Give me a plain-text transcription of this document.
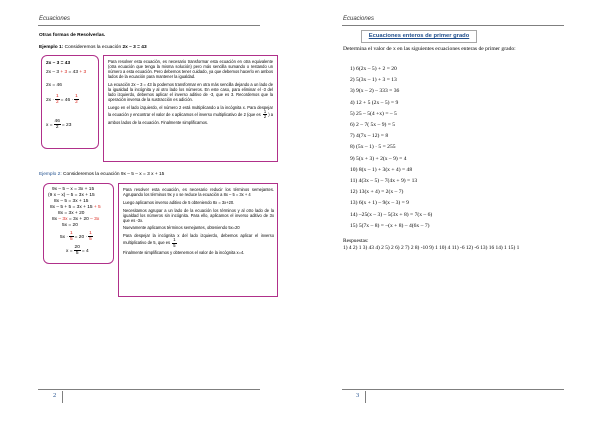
Ecuaciones
Otras formas de Resolverlas.
Ejemplo 1: Consideremos la ecuación 2x – 3 = 43
2x – 3 = 43
2x – 3 + 3 = 43 + 3
2x = 46
$2x \cdot \frac{1}{2} = 46 \cdot \frac{1}{2}$
$x = \frac{46}{2} = 23$

Para resolver esta ecuación, es necesario transformar esta ecuación en otra equivalente (otra ecuación que tenga la misma solución) pero más sencilla sumando o restando un número a esta ecuación. Pero debemos tener cuidado, ya que debemos hacerlo en ambos lados de la ecuación para mantener la igualdad.

La ecuación 2x – 3 = 43 la podemos transformar en otra más sencilla dejando a un lado de la igualdad la incógnita y al otro lado los números. En este caso, para eliminar el -3 del lado izquierdo, debemos aplicar el inverso aditivo de -3, que es 3. Recordemos que la operación inversa de la sustracción es adición.

Luego en el lado izquierdo, el número 2 está multiplicando a la incógnita x. Para despejar la ecuación y encontrar el valor de x aplicamos el inverso multiplicativo de 2 (que es $\frac{1}{2}$ ) a ambos lados de la ecuación. Finalmente simplificamos.

Ejemplo 2: Consideremos la ecuación 9x – 5 – x = 3 x + 15
9x – 5 – x = 3x + 15
(9 x – x) – 5 = 3x + 15
8x – 5 = 3x + 15
8x – 5 + 5 = 3x + 15 + 5
8x = 3x + 20
8x – 3x = 3x + 20 – 3x
5x = 20
$5x \cdot \frac{1}{5} = 20 \cdot \frac{1}{5}$
$x = \frac{20}{5} = 4$

Para resolver esta ecuación, es necesario reducir los términos semejantes. Agrupando los términos 9x y x se reduce la ecuación a 8x – 5 = 3x + 4

Luego aplicamos inverso aditivo de 5 obteniendo 8x = 3x+20.

Necesitamos agrupar a un lado de la ecuación los términos y al otro lado de la igualdad los números sin incógnita. Para ello, aplicamos el inverso aditivo de 3x que es -3x.

Nuevamente aplicamos términos semejantes, obteniendo 5x=20

Para despejar la incógnita x del lado izquierdo, debemos aplicar el inverso multiplicativo de 5, que es $\frac{1}{5}$

Finalmente simplificamos y obtenemos el valor de la incógnita x=4.

2
Ecuaciones
3
Ecuaciones enteros de primer grado
Determina el valor de x en las siguientes ecuaciones enteras de primer grado:
1) 6(2x – 5) + 2 = 20
2) 5(3x – 1) + 3 = 13
3) 9(x – 2) – 333 = 36
4) 12 + 5 (2x – 5) = 9
5) 25 – 5(4 +x) = – 5
6) 2 – 7( 5x – 9) = 5
7) 4(7x – 12) = 8
8) (5x – 1) · 5 = 255
9) 5(x + 3) + 2(x – 9) = 4
10) 8(x – 1) + 3(x + 4) = 48
11) 4(3x – 5) – 7(4x + 9) = 13
12) 13(x + 4) = 2(x – 7)
13) 6(x + 1) – 9(x – 3) = 9
14) –25(x – 3) – 5(3x + 8) = 7(x – 6)
15) 5(7x – 8) = –(x + 8) – 4(6x – 7)
Respuestas:
1) 4 2) 1 3) 43 4) 2 5) 2 6) 2 7) 2 8) -10 9) 1 10) 4 11) -6 12) -6 13) 16 14) 1 15) 1
